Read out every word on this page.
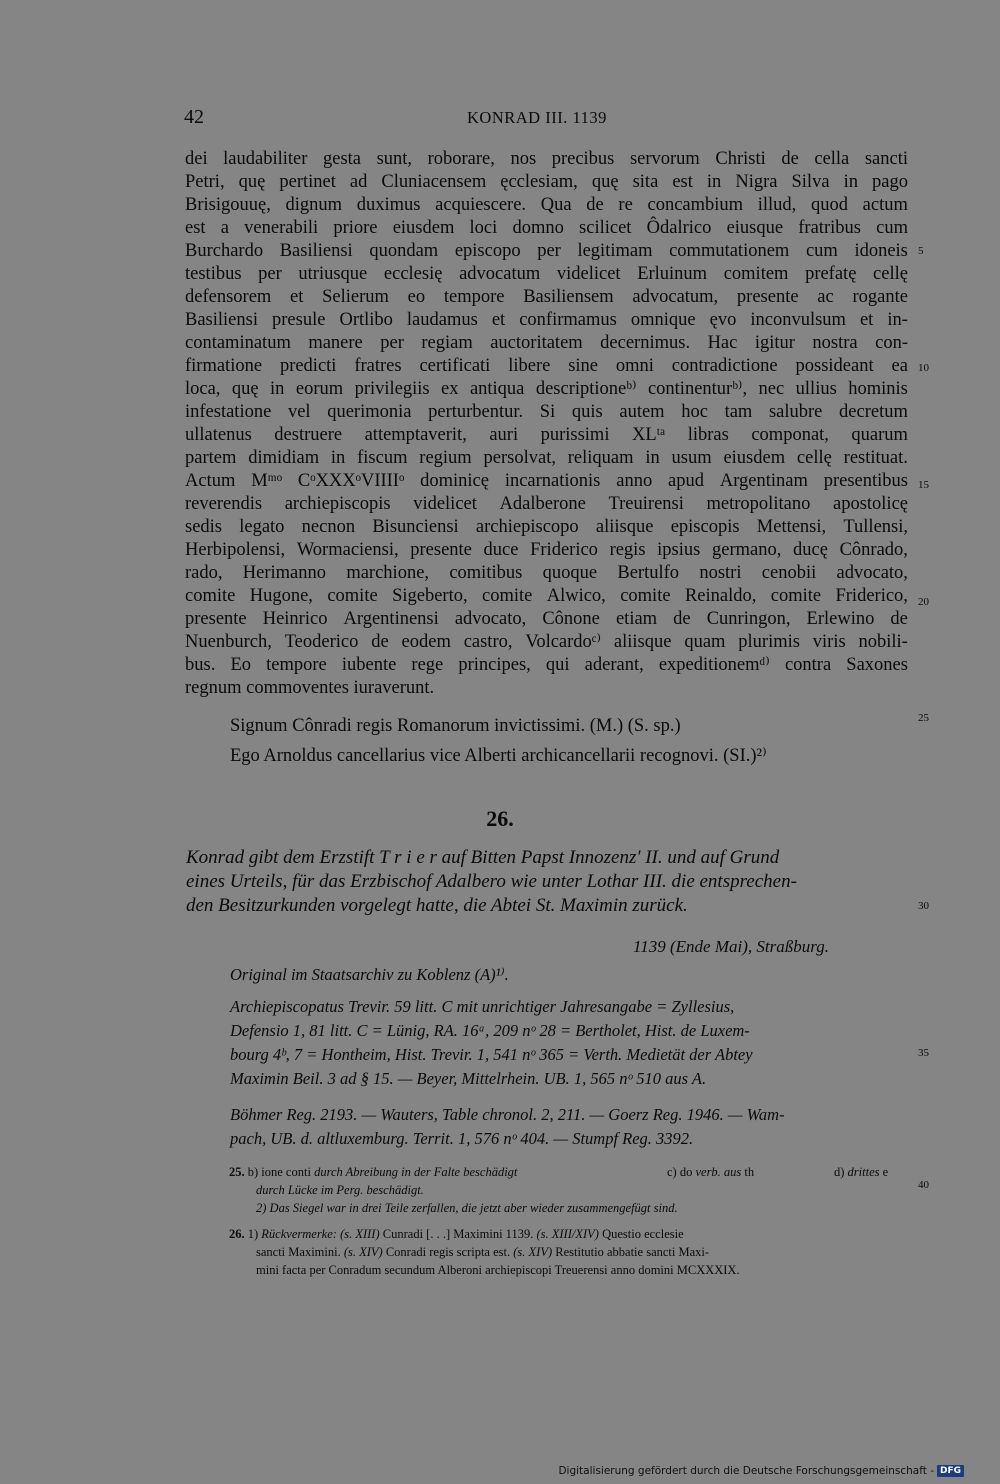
42	KONRAD III. 1139
dei laudabiliter gesta sunt, roborare, nos precibus servorum Christi de cella sancti
Petri, quę pertinet ad Cluniacensem ęcclesiam, quę sita est in Nigra Silva in pago
Brisigouuę, dignum duximus acquiescere. Qua de re concambium illud, quod actum
est a venerabili priore eiusdem loci domno scilicet Ôdalrico eiusque fratribus cum
Burchardo Basiliensi quondam episcopo per legitimam commutationem cum idoneis
testibus per utriusque ecclesię advocatum videlicet Erluinum comitem prefatę cellę
defensorem et Selierum eo tempore Basiliensem advocatum, presente ac rogante
Basiliensi presule Ortlibo laudamus et confirmamus omnique ęvo inconvulsum et in-
contaminatum manere per regiam auctoritatem decernimus. Hac igitur nostra con-
firmatione predicti fratres certificati libere sine omni contradictione possideant ea
loca, quę in eorum privilegiis ex antiqua descriptioneᵇ⁾ continenturᵇ⁾, nec ullius hominis
infestatione vel querimonia perturbentur. Si quis autem hoc tam salubre decretum
ullatenus destruere attemptaverit, auri purissimi XLᵗᵃ libras componat, quarum
partem dimidiam in fiscum regium persolvat, reliquam in usum eiusdem cellę restituat.
Actum Mᵐᵒ CᵒXXXᵒVIIIIᵒ dominicę incarnationis anno apud Argentinam presentibus
reverendis archiepiscopis videlicet Adalberone Treuirensi metropolitano apostolicę
sedis legato necnon Bisunciensi archiepiscopo aliisque episcopis Mettensi, Tullensi,
Herbipolensi, Wormaciensi, presente duce Friderico regis ipsius germano, ducę Cônrado,
rado, Herimanno marchione, comitibus quoque Bertulfo nostri cenobii advocato,
comite Hugone, comite Sigeberto, comite Alwico, comite Reinaldo, comite Friderico,
presente Heinrico Argentinensi advocato, Cônone etiam de Cunringon, Erlewino de
Nuenburch, Teoderico de eodem castro, Volcardoᶜ⁾ aliisque quam plurimis viris nobili-
bus. Eo tempore iubente rege principes, qui aderant, expeditionemᵈ⁾ contra Saxones
regnum commoventes iuraverunt.
Signum Cônradi regis Romanorum invictissimi. (M.) (S. sp.)
Ego Arnoldus cancellarius vice Alberti archicancellarii recognovi. (SI.)²⁾
5
10
15
20
25
30
35
40
26.
Konrad gibt dem Erzstift T r i e r auf Bitten Papst Innozenz' II. und auf Grund
eines Urteils, für das Erzbischof Adalbero wie unter Lothar III. die entsprechen-
den Besitzurkunden vorgelegt hatte, die Abtei St. Maximin zurück.
1139 (Ende Mai), Straßburg.
Original im Staatsarchiv zu Koblenz (A)¹⁾.
Archiepiscopatus Trevir. 59 litt. C mit unrichtiger Jahresangabe = Zyllesius,
Defensio 1, 81 litt. C = Lünig, RA. 16ᵃ, 209 nᵒ 28 = Bertholet, Hist. de Luxem-
bourg 4ᵇ, 7 = Hontheim, Hist. Trevir. 1, 541 nᵒ 365 = Verth. Medietät der Abtey
Maximin Beil. 3 ad § 15. — Beyer, Mittelrhein. UB. 1, 565 nᵒ 510 aus A.
Böhmer Reg. 2193. — Wauters, Table chronol. 2, 211. — Goerz Reg. 1946. — Wam-
pach, UB. d. altluxemburg. Territ. 1, 576 nᵒ 404. — Stumpf Reg. 3392.
25. b) ione conti durch Abreibung in der Falte beschädigt	c) do verb. aus th	d) drittes e
durch Lücke im Perg. beschädigt.
2) Das Siegel war in drei Teile zerfallen, die jetzt aber wieder zusammengefügt sind.
26. 1) Rückvermerke: (s. XIII) Cunradi [. . .] Maximini 1139. (s. XIII/XIV) Questio ecclesie
sancti Maximini. (s. XIV) Conradi regis scripta est. (s. XIV) Restitutio abbatie sancti Maxi-
mini facta per Conradum secundum Alberoni archiepiscopi Treuerensi anno domini MCXXXIX.
Digitalisierung gefördert durch die Deutsche Forschungsgemeinschaft - DFG
